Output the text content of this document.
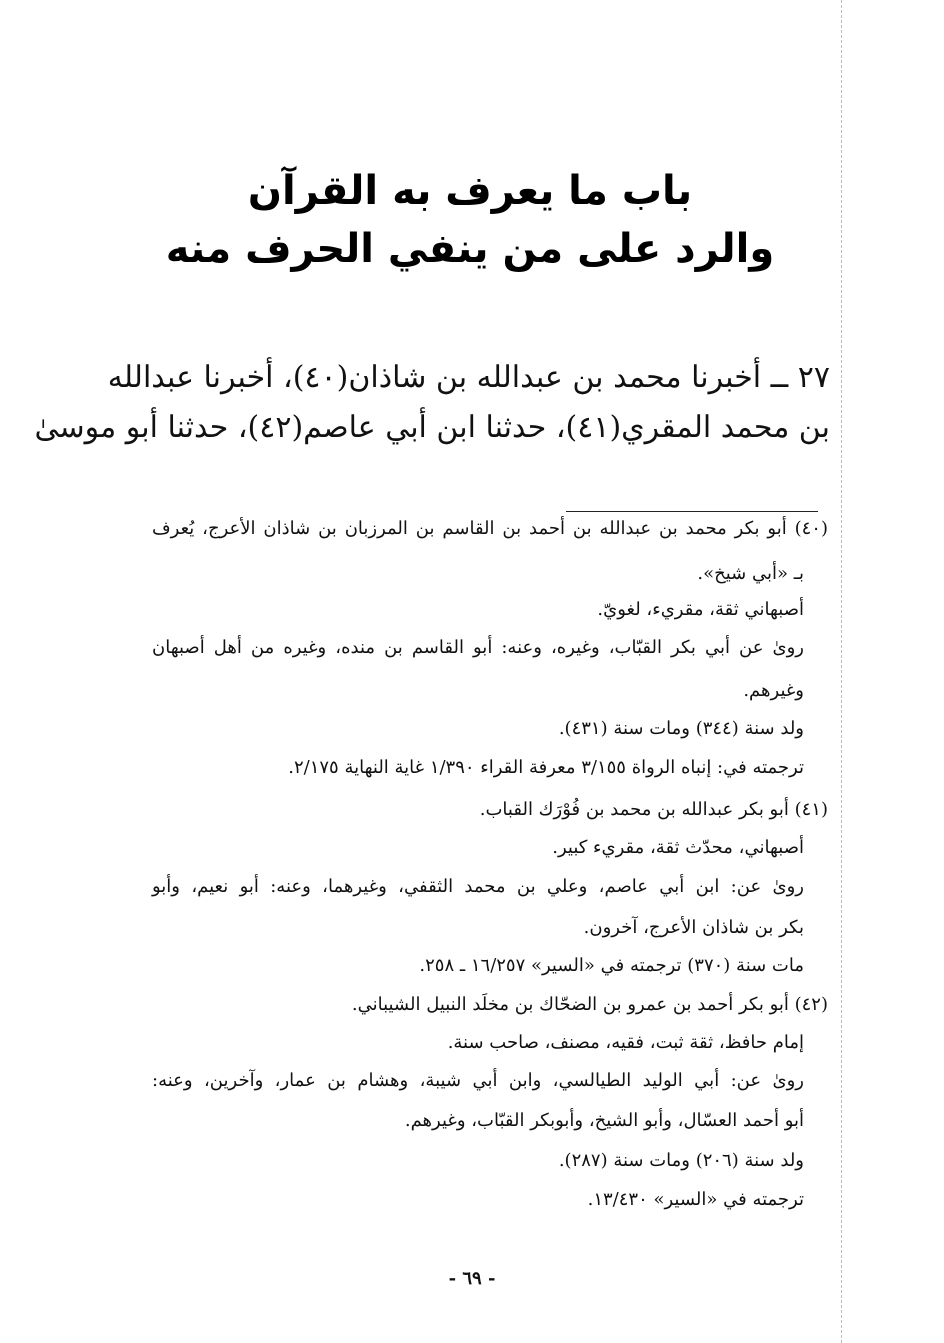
باب ما يعرف به القرآن
والرد على من ينفي الحرف منه
٢٧ ــ أخبرنا محمد بن عبدالله بن شاذان(٤٠)، أخبرنا عبدالله
بن محمد المقري(٤١)، حدثنا ابن أبي عاصم(٤٢)، حدثنا أبو موسىٰ
(٤٠) أبو بكر محمد بن عبدالله بن أحمد بن القاسم بن المرزبان بن شاذان الأعرج، يُعرف
بـ «أبي شيخ».
أصبهاني ثقة، مقريء، لغويّ.
روىٰ عن أبي بكر القبّاب، وغيره، وعنه: أبو القاسم بن منده، وغيره من أهل أصبهان
وغيرهم.
ولد سنة (٣٤٤) ومات سنة (٤٣١).
ترجمته في: إنباه الرواة ٣/١٥٥ معرفة القراء ١/٣٩٠ غاية النهاية ٢/١٧٥.
(٤١) أبو بكر عبدالله بن محمد بن فُوْرَك القباب.
أصبهاني، محدّث ثقة، مقريء كبير.
روىٰ عن: ابن أبي عاصم، وعلي بن محمد الثقفي، وغيرهما، وعنه: أبو نعيم، وأبو
بكر بن شاذان الأعرج، آخرون.
مات سنة (٣٧٠) ترجمته في «السير» ١٦/٢٥٧ ـ ٢٥٨.
(٤٢) أبو بكر أحمد بن عمرو بن الضحّاك بن مخلَد النبيل الشيباني.
إمام حافظ، ثقة ثبت، فقيه، مصنف، صاحب سنة.
روىٰ عن: أبي الوليد الطيالسي، وابن أبي شيبة، وهشام بن عمار، وآخرين، وعنه:
أبو أحمد العسّال، وأبو الشيخ، وأبوبكر القبّاب، وغيرهم.
ولد سنة (٢٠٦) ومات سنة (٢٨٧).
ترجمته في «السير» ١٣/٤٣٠.
- ٦٩ -
